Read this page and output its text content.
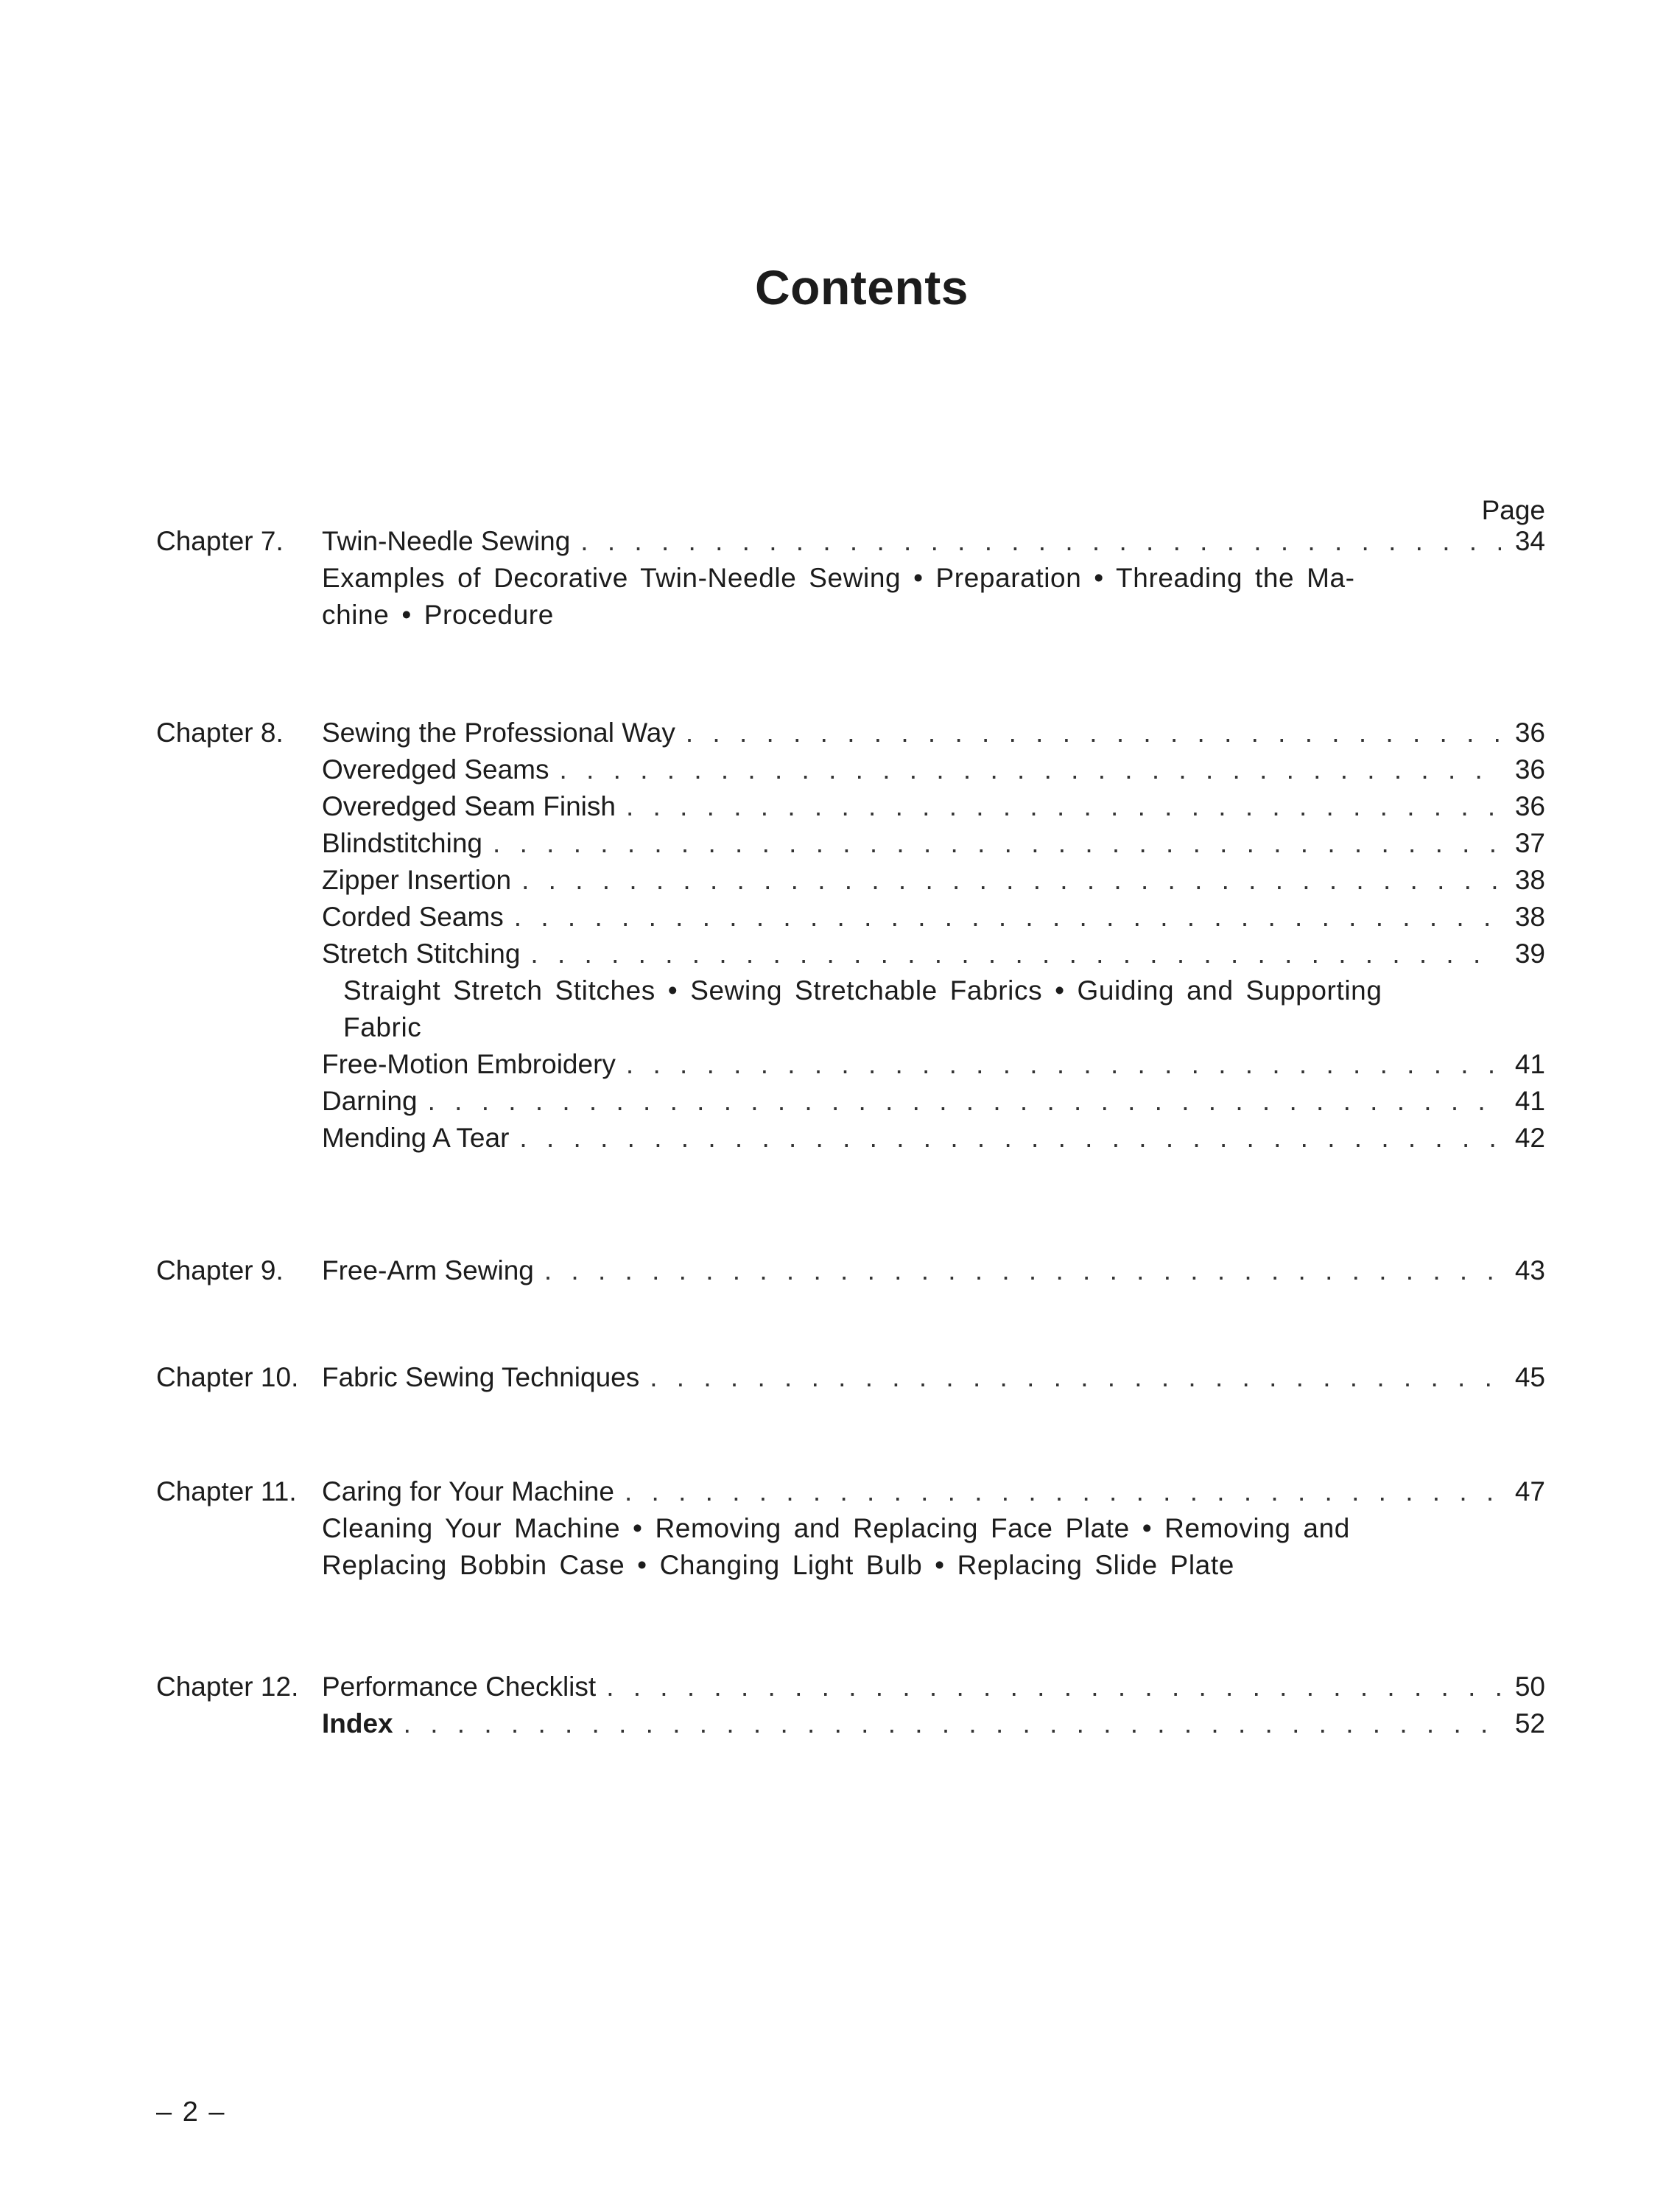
Contents
Page
Chapter 7.	Twin-Needle Sewing . . .	34
Examples of Decorative Twin-Needle Sewing • Preparation • Threading the Ma-
chine • Procedure
Chapter 8.	Sewing the Professional Way . . .	36
Overedged Seams . . .	36
Overedged Seam Finish . . .	36
Blindstitching . . .	37
Zipper Insertion . . .	38
Corded Seams . . .	38
Stretch Stitching . . .	39
Straight Stretch Stitches • Sewing Stretchable Fabrics • Guiding and Supporting
Fabric
Free-Motion Embroidery . . .	41
Darning . . .	41
Mending A Tear . . .	42
Chapter 9.	Free-Arm Sewing . . .	43
Chapter 10. Fabric Sewing Techniques . . .	45
Chapter 11. Caring for Your Machine . . .	47
Cleaning Your Machine • Removing and Replacing Face Plate • Removing and
Replacing Bobbin Case • Changing Light Bulb • Replacing Slide Plate
Chapter 12. Performance Checklist . . .	50
Index . . .	52
– 2 –
